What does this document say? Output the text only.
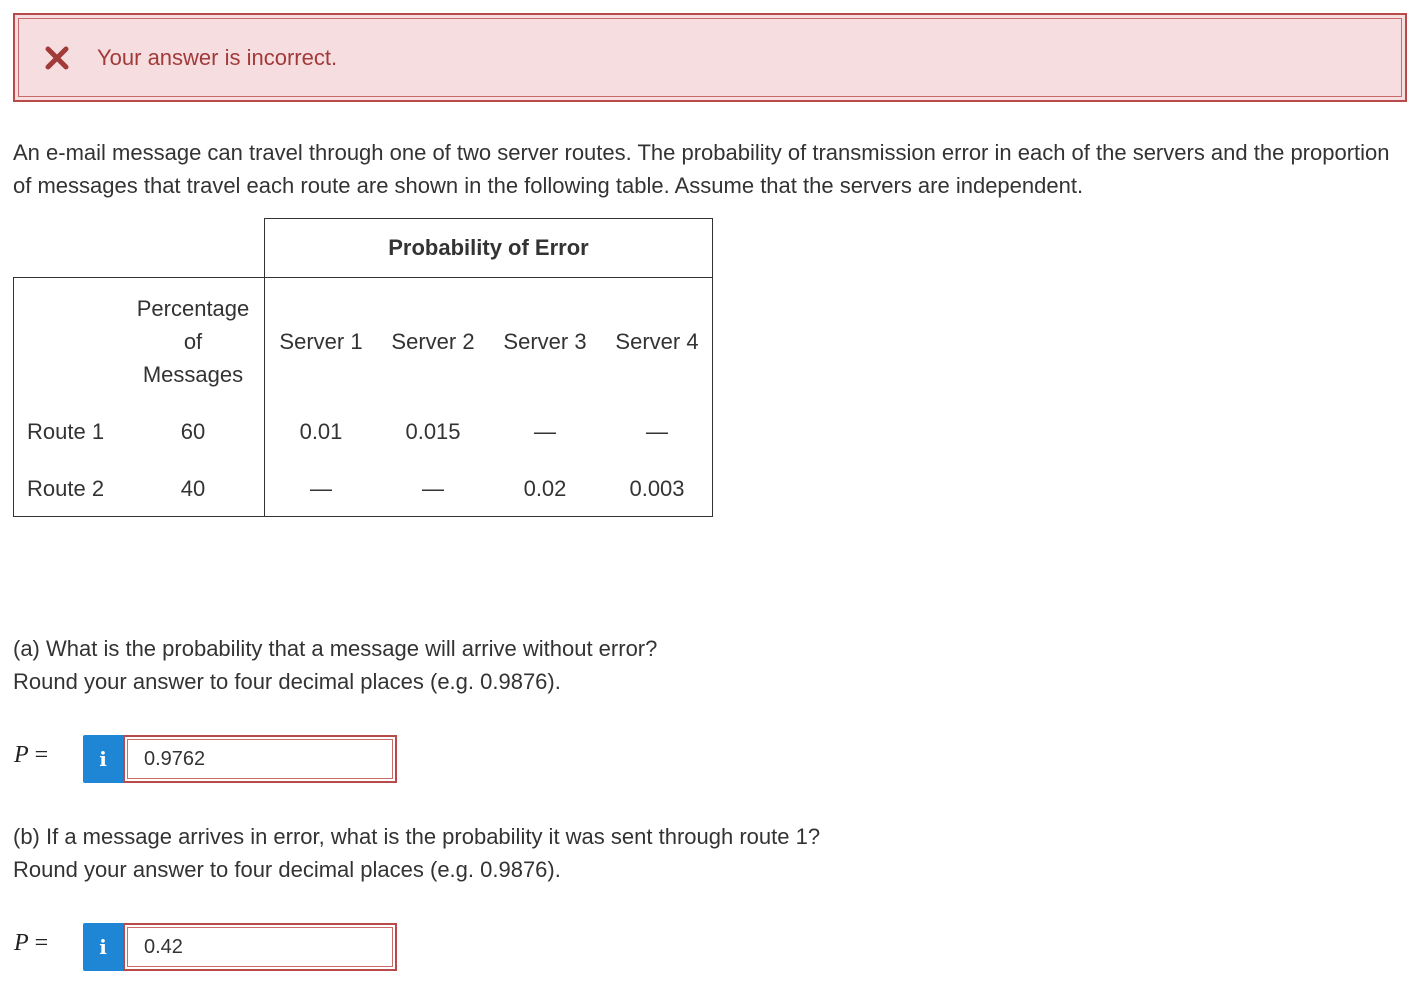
Your answer is incorrect.
An e-mail message can travel through one of two server routes. The probability of transmission error in each of the servers and the proportion of messages that travel each route are shown in the following table. Assume that the servers are independent.
Probability of Error
Percentage
of
Messages
Server 1	Server 2	Server 3	Server 4
Route 1	60	0.01	0.015	—	—
Route 2	40	—	—	0.02	0.003
(a) What is the probability that a message will arrive without error?
Round your answer to four decimal places (e.g. 0.9876).
P =	i	0.9762
(b) If a message arrives in error, what is the probability it was sent through route 1?
Round your answer to four decimal places (e.g. 0.9876).
P =	i	0.42
